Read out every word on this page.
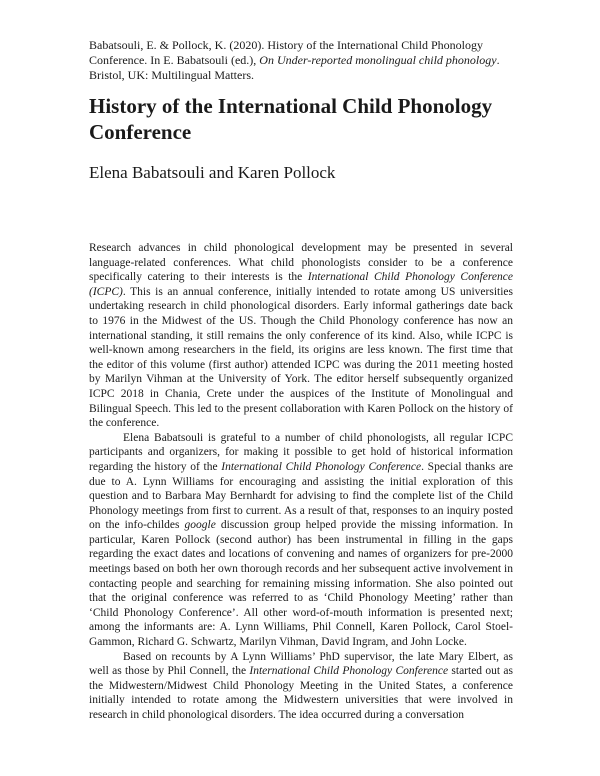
Babatsouli, E. & Pollock, K. (2020). History of the International Child Phonology Conference. In E. Babatsouli (ed.), On Under-reported monolingual child phonology. Bristol, UK: Multilingual Matters.
History of the International Child Phonology Conference
Elena Babatsouli and Karen Pollock

Research advances in child phonological development may be presented in several language-related conferences. What child phonologists consider to be a conference specifically catering to their interests is the International Child Phonology Conference (ICPC). This is an annual conference, initially intended to rotate among US universities undertaking research in child phonological disorders. Early informal gatherings date back to 1976 in the Midwest of the US. Though the Child Phonology conference has now an international standing, it still remains the only conference of its kind. Also, while ICPC is well-known among researchers in the field, its origins are less known. The first time that the editor of this volume (first author) attended ICPC was during the 2011 meeting hosted by Marilyn Vihman at the University of York. The editor herself subsequently organized ICPC 2018 in Chania, Crete under the auspices of the Institute of Monolingual and Bilingual Speech. This led to the present collaboration with Karen Pollock on the history of the conference.

Elena Babatsouli is grateful to a number of child phonologists, all regular ICPC participants and organizers, for making it possible to get hold of historical information regarding the history of the International Child Phonology Conference. Special thanks are due to A. Lynn Williams for encouraging and assisting the initial exploration of this question and to Barbara May Bernhardt for advising to find the complete list of the Child Phonology meetings from first to current. As a result of that, responses to an inquiry posted on the info-childes google discussion group helped provide the missing information. In particular, Karen Pollock (second author) has been instrumental in filling in the gaps regarding the exact dates and locations of convening and names of organizers for pre-2000 meetings based on both her own thorough records and her subsequent active involvement in contacting people and searching for remaining missing information. She also pointed out that the original conference was referred to as ‘Child Phonology Meeting’ rather than ‘Child Phonology Conference’. All other word-of-mouth information is presented next; among the informants are: A. Lynn Williams, Phil Connell, Karen Pollock, Carol Stoel-Gammon, Richard G. Schwartz, Marilyn Vihman, David Ingram, and John Locke.

Based on recounts by A Lynn Williams’ PhD supervisor, the late Mary Elbert, as well as those by Phil Connell, the International Child Phonology Conference started out as the Midwestern/Midwest Child Phonology Meeting in the United States, a conference initially intended to rotate among the Midwestern universities that were involved in research in child phonological disorders. The idea occurred during a conversation
